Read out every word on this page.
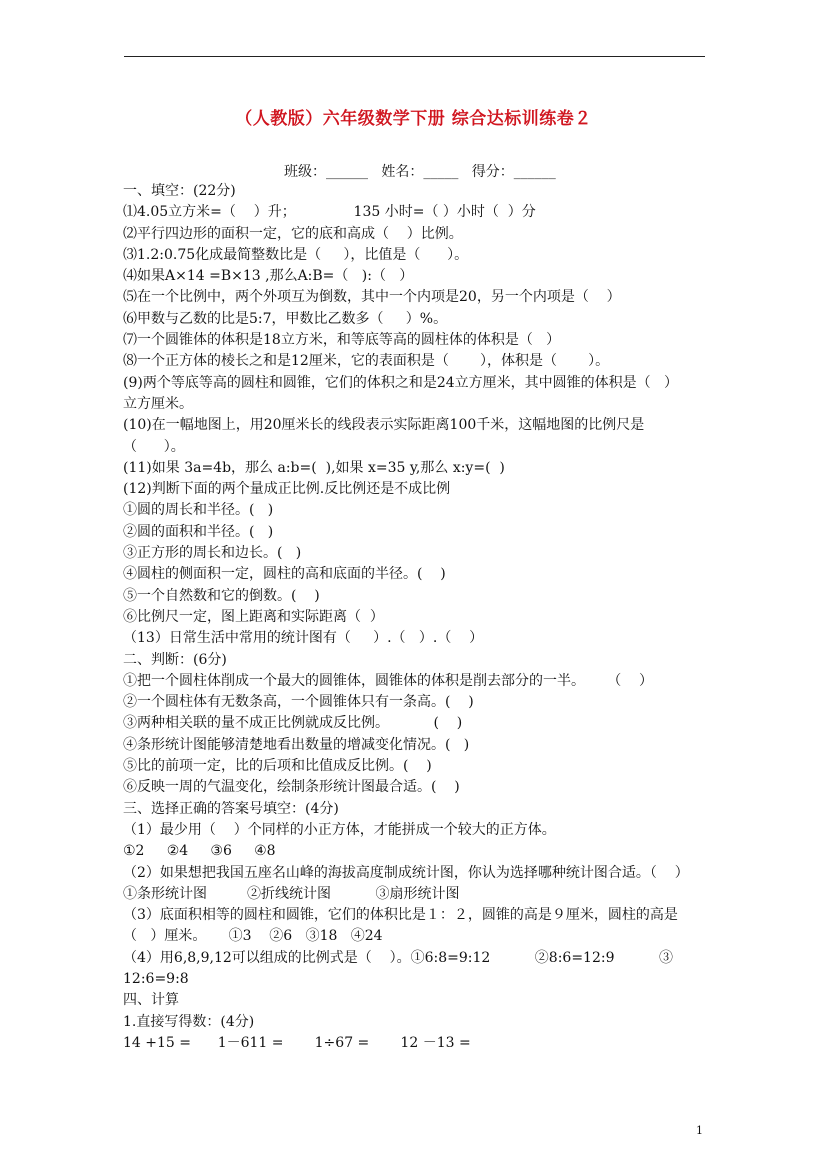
（人教版）六年级数学下册 综合达标训练卷２
班级：______   姓名：_____   得分：______
一、填空：(22分)
⑴4.05立方米=（    ）升；             135 小时=（ ）小时（  ）分
⑵平行四边形的面积一定，它的底和高成（    ）比例。
⑶1.2:0.75化成最简整数比是（     ），比值是（      ）。
⑷如果A×14 =B×13 ,那么A:B=（   ):（   ）
⑸在一个比例中，两个外项互为倒数，其中一个内项是20，另一个内项是（    ）
⑹甲数与乙数的比是5:7，甲数比乙数多（     ）%。
⑺一个圆锥体的体积是18立方米，和等底等高的圆柱体的体积是（   ）
⑻一个正方体的棱长之和是12厘米，它的表面积是（       ），体积是（       ）。
(9)两个等底等高的圆柱和圆锥，它们的体积之和是24立方厘米，其中圆锥的体积是（   ）
立方厘米。
(10)在一幅地图上，用20厘米长的线段表示实际距离100千米，这幅地图的比例尺是
（      ）。
(11)如果 3a=4b，那么 a:b=(  ),如果 x=35 y,那么 x:y=(  )
(12)判断下面的两个量成正比例.反比例还是不成比例
①圆的周长和半径。(   )
②圆的面积和半径。(   )
③正方形的周长和边长。(   )
④圆柱的侧面积一定，圆柱的高和底面的半径。(    )
⑤一个自然数和它的倒数。(    )
⑥比例尺一定，图上距离和实际距离（  ）
（13）日常生活中常用的统计图有（     ）.（   ）.（    ）
二、判断：(6分)
①把一个圆柱体削成一个最大的圆锥体，圆锥体的体积是削去部分的一半。     （    ）
②一个圆柱体有无数条高，一个圆锥体只有一条高。(    )
③两种相关联的量不成正比例就成反比例。          (    )
④条形统计图能够清楚地看出数量的增减变化情况。(   )
⑤比的前项一定，比的后项和比值成反比例。(    )
⑥反映一周的气温变化，绘制条形统计图最合适。(    )
三、选择正确的答案号填空：(4分)
（1）最少用（    ）个同样的小正方体，才能拼成一个较大的正方体。
①2     ②4     ③6     ④8
（2）如果想把我国五座名山峰的海拔高度制成统计图，你认为选择哪种统计图合适。（    ）
①条形统计图         ②折线统计图          ③扇形统计图
（3）底面积相等的圆柱和圆锥，它们的体积比是１：２，圆锥的高是９厘米，圆柱的高是
（   ）厘米。     ①3    ②6   ③18   ④24
（4）用6,8,9,12可以组成的比例式是（    ）。①6:8=9:12          ②8:6=12:9          ③
12:6=9:8
四、计算
1.直接写得数：(4分)
14 +15 =      1－611 =       1÷67 =       12 －13 =
1
